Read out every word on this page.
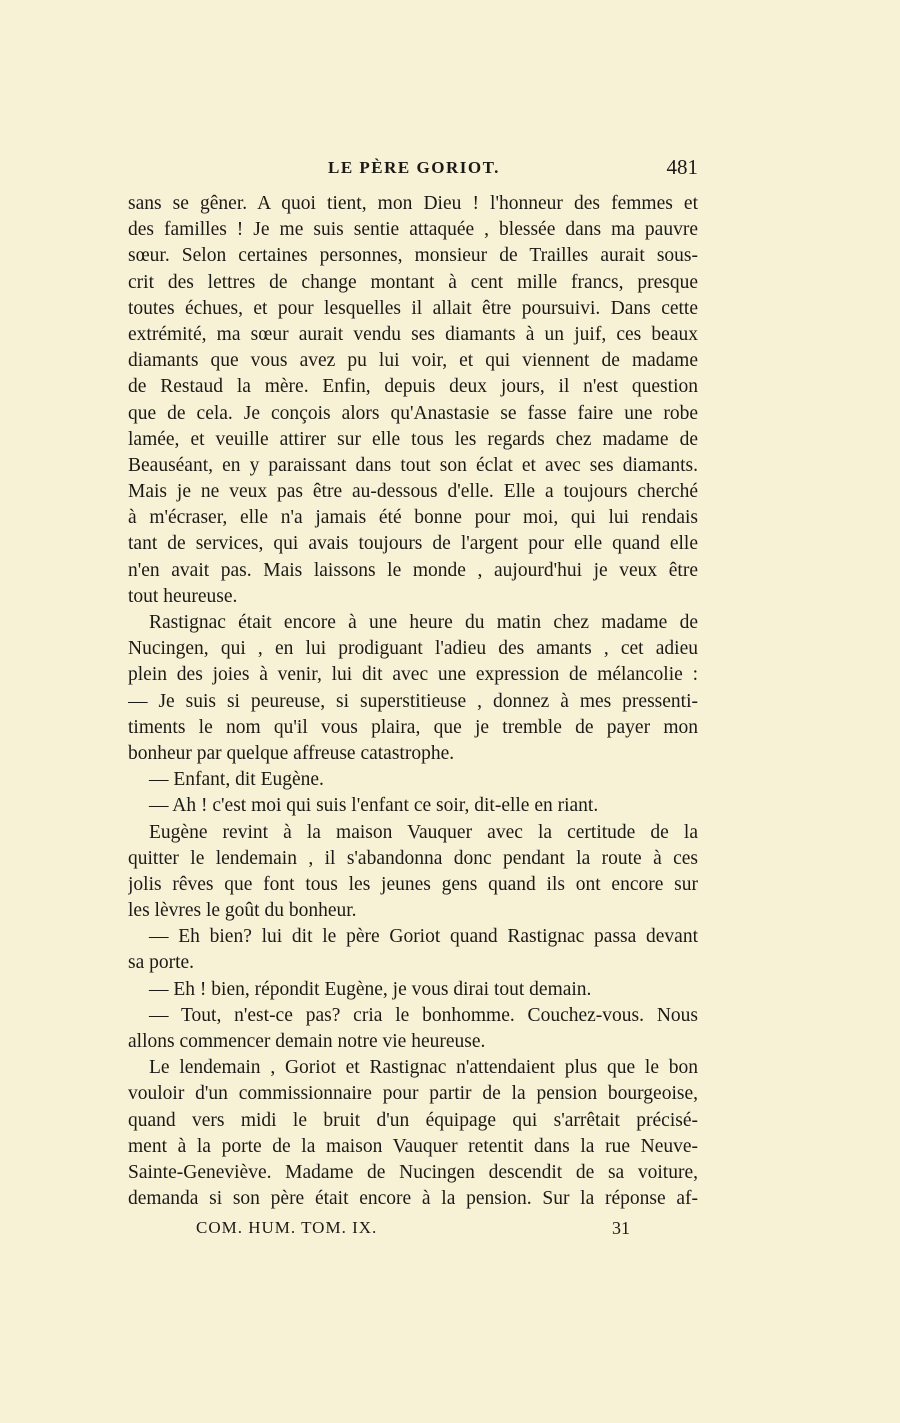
LE PÈRE GORIOT.	481
sans se gêner. A quoi tient, mon Dieu ! l'honneur des femmes et
des familles ! Je me suis sentie attaquée , blessée dans ma pauvre
sœur. Selon certaines personnes, monsieur de Trailles aurait sous-
crit des lettres de change montant à cent mille francs, presque
toutes échues, et pour lesquelles il allait être poursuivi. Dans cette
extrémité, ma sœur aurait vendu ses diamants à un juif, ces beaux
diamants que vous avez pu lui voir, et qui viennent de madame
de Restaud la mère. Enfin, depuis deux jours, il n'est question
que de cela. Je conçois alors qu'Anastasie se fasse faire une robe
lamée, et veuille attirer sur elle tous les regards chez madame de
Beauséant, en y paraissant dans tout son éclat et avec ses diamants.
Mais je ne veux pas être au-dessous d'elle. Elle a toujours cherché
à m'écraser, elle n'a jamais été bonne pour moi, qui lui rendais
tant de services, qui avais toujours de l'argent pour elle quand elle
n'en avait pas. Mais laissons le monde , aujourd'hui je veux être
tout heureuse.
Rastignac était encore à une heure du matin chez madame de
Nucingen, qui , en lui prodiguant l'adieu des amants , cet adieu
plein des joies à venir, lui dit avec une expression de mélancolie :
— Je suis si peureuse, si superstitieuse , donnez à mes pressenti-
timents le nom qu'il vous plaira, que je tremble de payer mon
bonheur par quelque affreuse catastrophe.
— Enfant, dit Eugène.
— Ah ! c'est moi qui suis l'enfant ce soir, dit-elle en riant.
Eugène revint à la maison Vauquer avec la certitude de la
quitter le lendemain , il s'abandonna donc pendant la route à ces
jolis rêves que font tous les jeunes gens quand ils ont encore sur
les lèvres le goût du bonheur.
— Eh bien? lui dit le père Goriot quand Rastignac passa devant
sa porte.
— Eh ! bien, répondit Eugène, je vous dirai tout demain.
— Tout, n'est-ce pas? cria le bonhomme. Couchez-vous. Nous
allons commencer demain notre vie heureuse.
Le lendemain , Goriot et Rastignac n'attendaient plus que le bon
vouloir d'un commissionnaire pour partir de la pension bourgeoise,
quand vers midi le bruit d'un équipage qui s'arrêtait précisé-
ment à la porte de la maison Vauquer retentit dans la rue Neuve-
Sainte-Geneviève. Madame de Nucingen descendit de sa voiture,
demanda si son père était encore à la pension. Sur la réponse af-
COM. HUM. TOM. IX.	31
